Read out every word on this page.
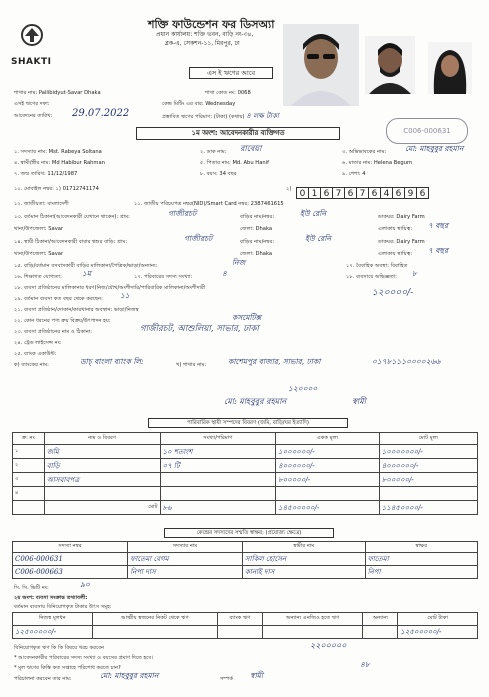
SHAKTI
শক্তি ফাউন্ডেশন ফর ডিসঅ্যা
প্রধান কার্যালয়: শক্তি ভবন, বাড়ি নং-৩৪,
ব্লক-এ, সেকশন-১১, মিরপুর, ঢা
এস ই ঋণের আবে
শাখার নাম: Pallibidyut-Savar Dhaka	শাখা কোড নং: 0068
এসই ঋণের দফা:	কেন্দ্র মিটিং এর বার: Wednesday
আবেদনের তারিখ: 29.07.2022	প্রস্তাবিত ঋণের পরিমাণ: (টাকা) (কথায়) ৪ লক্ষ টাকা
C006-000631
১ম অংশ: আবেদনকারীর ব্যক্তিগত
১. সদস্যার নাম: Mst. Rabeya Soltana	২. ডাক নাম: রাবেয়া	৩. অভিভাবকের নাম:	মো: মাহবুবুর রহমান
৪. স্বামী/স্ত্রীর নাম: Md Habibur Rahman	৫. পিতার নাম: Md. Abu Hanif	৬. মাতার নাম: Helena Begum
৭. জন্ম তারিখ: 11/12/1987	৮. বয়স: 34 বছর	৯. পেশা: 4
১০. মোবাইল নম্বর: ১) 01712741174	২) 0 1 6 7 6 7 6 4 6 9 6
১২. জাতীয়তা: বাংলাদেশী	১১. জাতীয় পরিচয়পত্র নম্বর(NID)/Smart Card নম্বর: 2387461615
১৩. বর্তমান ঠিকানা(আবেদনকারী যেখানে থাকেন): গ্রাম:	গাজীরচট	বাড়ির নাম/নম্বর:	ইউ রেনি	ডাকঘর: Dairy Farm
থানা/উপজেলা: Savar	জেলা: Dhaka	এলাকায় স্থায়িত্ব: ৭ বছর
১৪. স্থায়ী ঠিকানা/আবেদনকারী বাবার শ্বশুর বাড়ি: গ্রাম:	গাজীরচট	বাড়ির নাম/নম্বর:	ইউ রেনি	ডাকঘর: Dairy Farm
থানা/উপজেলা: Savar	জেলা: Dhaka	এলাকায় স্থায়িত্ব: ৭ বছর
১৫. বাড়ি/বর্তমান বসবাসকারী বাড়ির মালিকানা/পৈত্রিক/ভাড়া/অন্যান্য:	নিজ	১৭. বৈবাহিক অবস্থা: বিবাহিত
১৬. শিক্ষাগত যোগ্যতা:	১ম	১৭. পরিবারের সদস্য সংখ্যা:	৪	১৮. ব্যবসায়ে অভিজ্ঞতা: ৮
১৮. ব্যবসা প্রতিষ্ঠানের মালিকানার ধরণ(নিজ/যৌথ/অংশীদারি/পারিবারিক মালিকানা/অংশীদারী
১৯. বর্তমান ব্যবসা কত বছর থেকে করছেন: ১১	১২০০০০/-
২১. ব্যবসা প্রতিষ্ঠান/দোকান/কারখানার অবস্থান: ভাড়া/নিজস্ব
২২. কোন ধরনের পণ্য ক্রয় বিক্রয়/উৎপাদন হয়:	কসমেটিক্স
২৩. ব্যবসা প্রতিষ্ঠানের নাম ও ঠিকানা:	গাজীরচট, আশুলিয়া, সাভার, ঢাকা
২৪. ট্রেড লাইসেন্স নং:
২৫. ব্যাংক একাউন্ট:
ক) ব্যাংকের নাম:	ডাচ্ বাংলা ব্যাংক লি:	খ) শাখার নাম:	কাশেমপুর বাজার, সাভার, ঢাকা	০১৭৮১১১০০০০২৬৬
মো: মাহবুবুর রহমান	স্বামী
১২০০০০
পারিবারিক স্থায়ী সম্পদের বিবরণ (জমি, বাড়ি/ঘর ইত্যাদি)
ক্র: নং	নাম ও বিবরণ	সংখ্যা/পরিমাণ	একক মূল্য	মোট মূল্য
১	জমি	১০ শতাংশ	১০০০০০০/-	১০০০০০০০/-
২	বাড়ি	০৭ টি	৪০০০০০০/-	৪০০০০০০/-
৩	আসবাবপত্র		৮০০০০০/-	৮০০০০০/-
৪				
	মোট	৮৬	১৪৫০০০০০/-	১১৪৫০০০০/-
কেন্দ্রের সদস্যদের সম্মতি স্বাক্ষর: (প্রযোজ্য ক্ষেত্রে)
সদস্যা নম্বর	সদস্যার নাম	স্বামীর নাম	স্বাক্ষর
C006-000631	ফাতেমা বেগম	সাকিল হোসেন	ফাতেমা
C006-000663	নিপা দাস	কানাই দাস	নিপা
সি. সি. ভিটি নং:	৯০
২য় অংশ: ব্যবসা সংক্রান্ত তথ্যাবলী:
বর্তমান ব্যবসায় বিনিয়োগকৃত টাকার উৎস সমূহ:
নিজস্ব মূলধন	আত্মীয় স্বজনের নিকট থেকে ঋণ	ব্যাংক ঋণ	অন্যান্য এনজিও হতে ঋণ	অন্যান্য	মোট টাকা
১২৫০০০০০/-					১২৫০০০০০/-
বিনিয়োগকৃত ঋণ কি কি বিষয়ে খরচ করবেন	২২০০০০০
* আবেদনকারীর পরিবারের সদস্য সংখ্যা ও বয়সের প্রমাণ দিতে হবে।
* মূল ঋণের কিস্তি কত সপ্তাহে পরিশোধ করতে চান?	৪৮
পরিচালনা করবেন তার নাম:	মো: মাহবুবুর রহমান	সম্পর্ক স্বামী
